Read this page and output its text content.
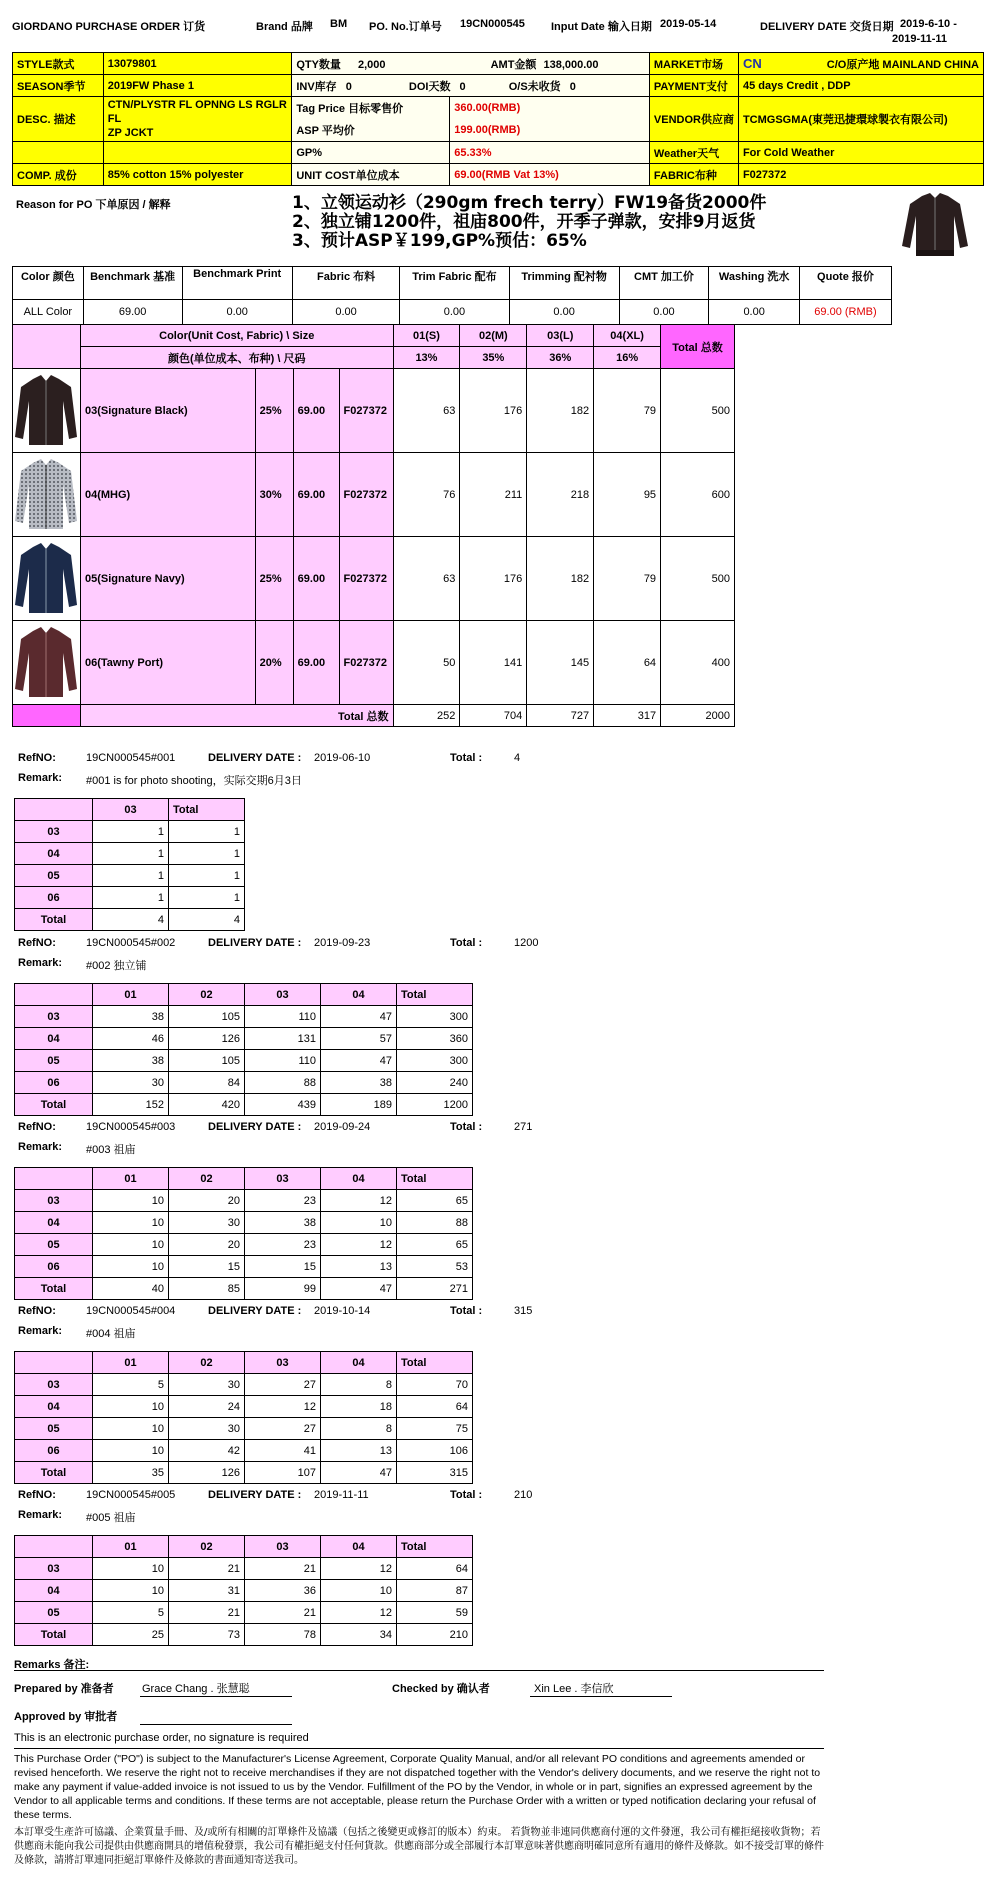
GIORDANO PURCHASE ORDER 订货	Brand 品牌 BM PO. No.订单号 19CN000545 Input Date 输入日期 2019-05-14	DELIVERY DATE 交货日期 2019-6-10 -
2019-11-11
STYLE款式	13079801	QTY数量 2,000 AMT金额 138,000.00		MARKET市场	CN C/O原产地 MAINLAND CHINA
SEASON季节	2019FW Phase 1	INV库存 0 DOI天数 0 O/S未收货 0		PAYMENT支付	45 days Credit , DDP
DESC. 描述	CTN/PLYSTR FL OPNNG LS RGLR FL
ZP JCKT	Tag Price 目标零售价	360.00(RMB)	VENDOR供应商	TCMGSGMA(東莞迅捷環球製衣有限公司)
		ASP 平均价	199.00(RMB)		
		GP%	65.33%	Weather天气	For Cold Weather
COMP. 成份	85% cotton 15% polyester	UNIT COST单位成本	69.00(RMB Vat 13%)	FABRIC布种	F027372
Reason for PO 下单原因 / 解释	1、立领运动衫（290gm frech terry）FW19备货2000件
2、独立铺1200件，祖庙800件，开季子弹款，安排9月返货
3、预计ASP￥199,GP%预估：65%
Color 颜色	Benchmark 基准	Benchmark Print	Fabric 布料	Trim Fabric 配布	Trimming 配衬物	CMT 加工价	Washing 洗水	Quote 报价
ALL Color	69.00	0.00	0.00	0.00	0.00	0.00	0.00	69.00 (RMB)
	Color(Unit Cost, Fabric) \ Size				01(S)	02(M)	03(L)	04(XL)	Total 总数
	颜色(单位成本、布种) \ 尺码				13%	35%	36%	16%	
	03(Signature Black)	25%	69.00	F027372	63	176	182	79	500
	04(MHG)	30%	69.00	F027372	76	211	218	95	600
	05(Signature Navy)	25%	69.00	F027372	63	176	182	79	500
	06(Tawny Port)	20%	69.00	F027372	50	141	145	64	400
	Total 总数				252	704	727	317	2000
RefNO:	19CN000545#001	DELIVERY DATE : 2019-06-10	Total :	4
Remark: #001 is for photo shooting，实际交期6月3日
	03	Total
03	1	1
04	1	1
05	1	1
06	1	1
Total	4	4
RefNO:	19CN000545#002	DELIVERY DATE : 2019-09-23	Total :	1200
Remark: #002 独立铺
	01	02	03	04	Total
03	38	105	110	47	300
04	46	126	131	57	360
05	38	105	110	47	300
06	30	84	88	38	240
Total	152	420	439	189	1200
RefNO:	19CN000545#003	DELIVERY DATE : 2019-09-24	Total :	271
Remark: #003 祖庙
	01	02	03	04	Total
03	10	20	23	12	65
04	10	30	38	10	88
05	10	20	23	12	65
06	10	15	15	13	53
Total	40	85	99	47	271
RefNO:	19CN000545#004	DELIVERY DATE : 2019-10-14	Total :	315
Remark: #004 祖庙
	01	02	03	04	Total
03	5	30	27	8	70
04	10	24	12	18	64
05	10	30	27	8	75
06	10	42	41	13	106
Total	35	126	107	47	315
RefNO:	19CN000545#005	DELIVERY DATE : 2019-11-11	Total :	210
Remark: #005 祖庙
	01	02	03	04	Total
03	10	21	21	12	64
04	10	31	36	10	87
05	5	21	21	12	59
Total	25	73	78	34	210
Remarks 备注:
Prepared by 准备者	Grace Chang . 张慧聪	Checked by 确认者	Xin Lee . 李信欣
Approved by 审批者
This is an electronic purchase order, no signature is required
This Purchase Order ("PO") is subject to the Manufacturer's License Agreement, Corporate Quality Manual, and/or all relevant PO conditions and agreements amended or revised henceforth. We reserve the right not to receive merchandises if they are not dispatched together with the Vendor's delivery documents, and we reserve the right not to make any payment if value-added invoice is not issued to us by the Vendor. Fulfillment of the PO by the Vendor, in whole or in part, signifies an expressed agreement by the Vendor to all applicable terms and conditions. If these terms are not acceptable, please return the Purchase Order with a written or typed notification declaring your refusal of these terms.
本訂單受生產許可協議、企業質量手冊、及/或所有相關的訂單條件及協議（包括之後變更或修訂的版本）約束。 若貨物並非連同供應商付運的文件發運，我公司有權拒絕接收貨物；若供應商未能向我公司提供由供應商開具的增值稅發票，我公司有權拒絕支付任何貨款。供應商部分或全部履行本訂單意味著供應商明確同意所有適用的條件及條款。如不接受訂單的條件及條款，請將訂單連同拒絕訂單條件及條款的書面通知寄送我司。
